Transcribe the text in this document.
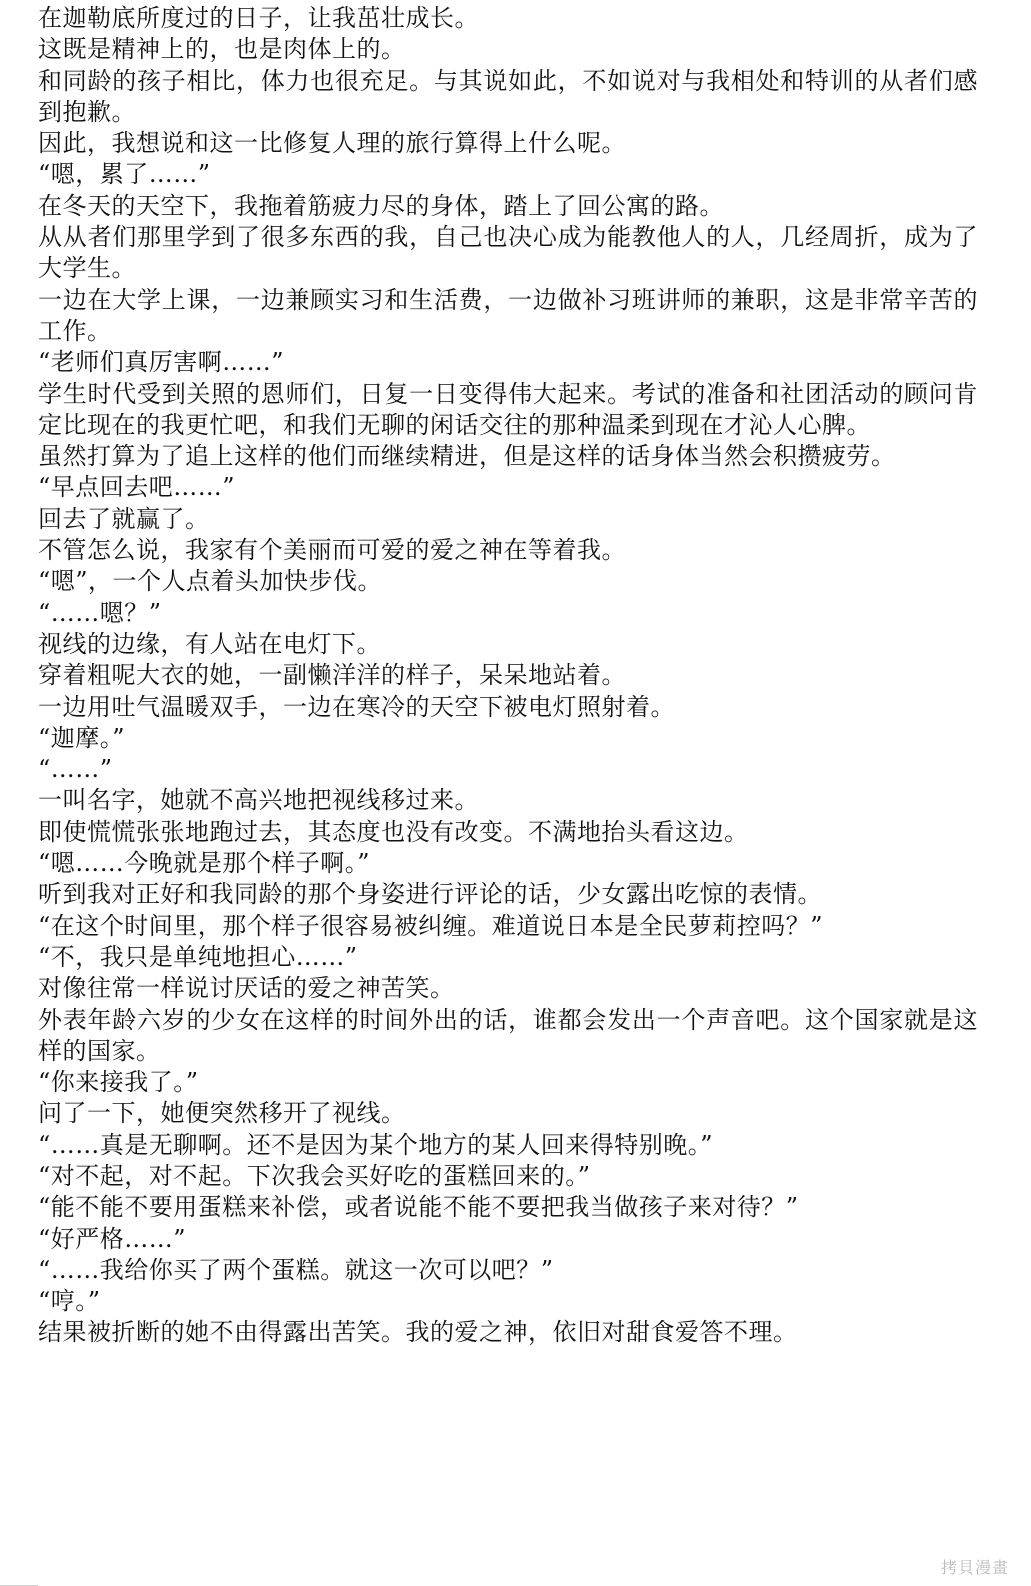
在迦勒底所度过的日子，让我茁壮成长。

这既是精神上的，也是肉体上的。

和同龄的孩子相比，体力也很充足。与其说如此，不如说对与我相处和特训的从者们感到抱歉。

因此，我想说和这一比修复人理的旅行算得上什么呢。

“嗯，累了……”

在冬天的天空下，我拖着筋疲力尽的身体，踏上了回公寓的路。

从从者们那里学到了很多东西的我，自己也决心成为能教他人的人，几经周折，成为了大学生。

一边在大学上课，一边兼顾实习和生活费，一边做补习班讲师的兼职，这是非常辛苦的工作。

“老师们真厉害啊……”

学生时代受到关照的恩师们，日复一日变得伟大起来。考试的准备和社团活动的顾问肯定比现在的我更忙吧，和我们无聊的闲话交往的那种温柔到现在才沁人心脾。

虽然打算为了追上这样的他们而继续精进，但是这样的话身体当然会积攒疲劳。

“早点回去吧……”

回去了就赢了。

不管怎么说，我家有个美丽而可爱的爱之神在等着我。

“嗯”，一个人点着头加快步伐。

“……嗯？”

视线的边缘，有人站在电灯下。

穿着粗呢大衣的她，一副懒洋洋的样子，呆呆地站着。

一边用吐气温暖双手，一边在寒冷的天空下被电灯照射着。

“迦摩。”

“……”

一叫名字，她就不高兴地把视线移过来。

即使慌慌张张地跑过去，其态度也没有改变。不满地抬头看这边。

“嗯……今晚就是那个样子啊。”

听到我对正好和我同龄的那个身姿进行评论的话，少女露出吃惊的表情。

“在这个时间里，那个样子很容易被纠缠。难道说日本是全民萝莉控吗？”

“不，我只是单纯地担心……”

对像往常一样说讨厌话的爱之神苦笑。

外表年龄六岁的少女在这样的时间外出的话，谁都会发出一个声音吧。这个国家就是这样的国家。

“你来接我了。”

问了一下，她便突然移开了视线。

“……真是无聊啊。还不是因为某个地方的某人回来得特别晚。”

“对不起，对不起。下次我会买好吃的蛋糕回来的。”

“能不能不要用蛋糕来补偿，或者说能不能不要把我当做孩子来对待？”

“好严格……”

“……我给你买了两个蛋糕。就这一次可以吧？”

“哼。”

结果被折断的她不由得露出苦笑。我的爱之神，依旧对甜食爱答不理。

拷貝漫畫
